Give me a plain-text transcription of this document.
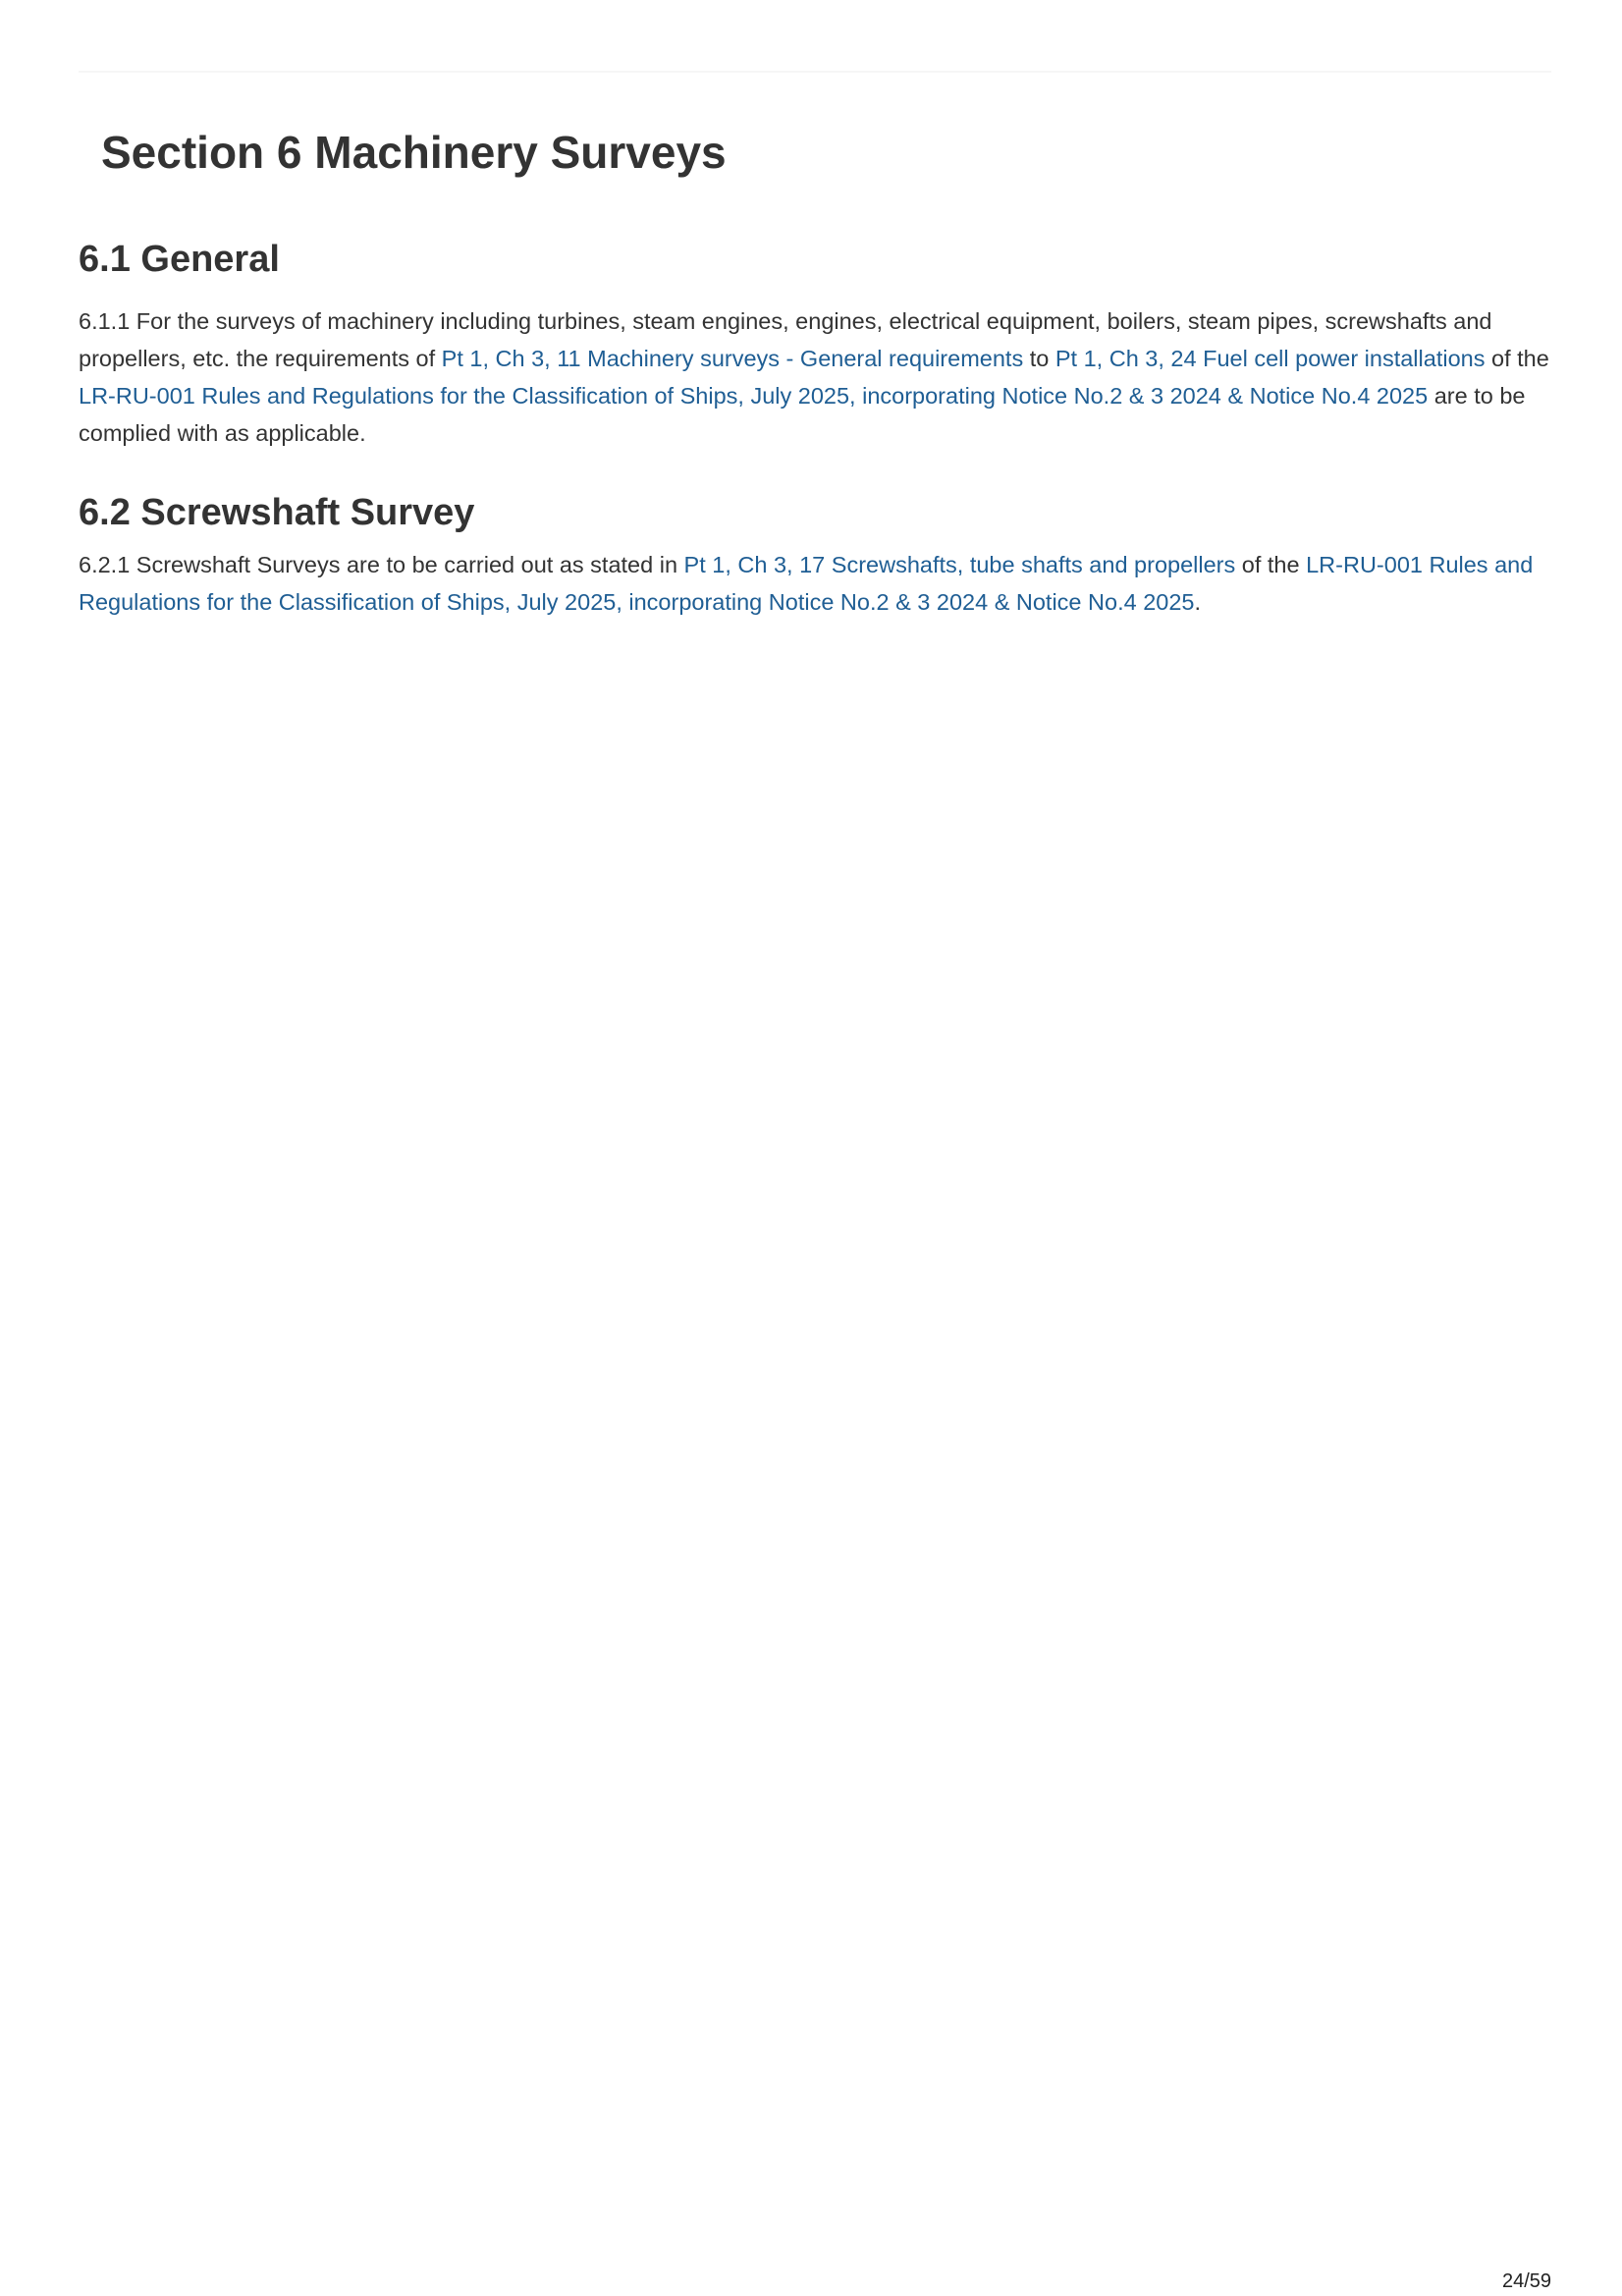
Section 6 Machinery Surveys
6.1 General

6.1.1 For the surveys of machinery including turbines, steam engines, engines, electrical equipment, boilers, steam pipes, screwshafts and propellers, etc. the requirements of Pt 1, Ch 3, 11 Machinery surveys - General requirements to Pt 1, Ch 3, 24 Fuel cell power installations of the LR-RU-001 Rules and Regulations for the Classification of Ships, July 2025, incorporating Notice No.2 & 3 2024 & Notice No.4 2025 are to be complied with as applicable.

6.2 Screwshaft Survey

6.2.1 Screwshaft Surveys are to be carried out as stated in Pt 1, Ch 3, 17 Screwshafts, tube shafts and propellers of the LR-RU-001 Rules and Regulations for the Classification of Ships, July 2025, incorporating Notice No.2 & 3 2024 & Notice No.4 2025.

24/59
